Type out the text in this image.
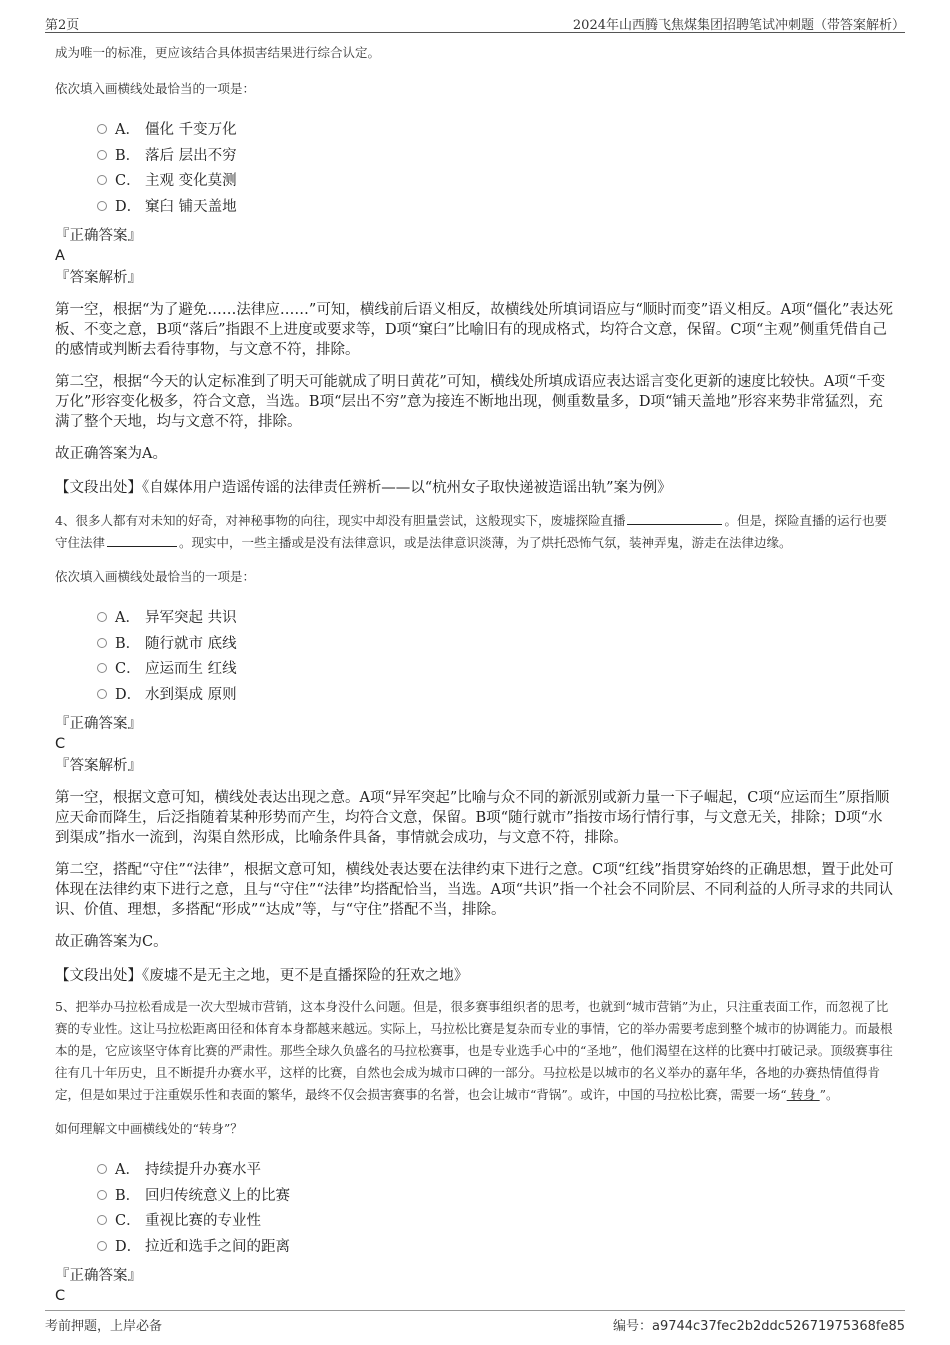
第2页	2024年山西腾飞焦煤集团招聘笔试冲刺题（带答案解析）

成为唯一的标准，更应该结合具体损害结果进行综合认定。

依次填入画横线处最恰当的一项是：

A． 僵化 千变万化
B． 落后 层出不穷
C． 主观 变化莫测
D． 窠臼 铺天盖地

『正确答案』

A

『答案解析』

第一空，根据“为了避免……法律应……”可知，横线前后语义相反，故横线处所填词语应与“顺时而变”语义相反。A项“僵化”表达死板、不变之意，B项“落后”指跟不上进度或要求等，D项“窠臼”比喻旧有的现成格式，均符合文意，保留。C项“主观”侧重凭借自己的感情或判断去看待事物，与文意不符，排除。

第二空，根据“今天的认定标准到了明天可能就成了明日黄花”可知，横线处所填成语应表达谣言变化更新的速度比较快。A项“千变万化”形容变化极多，符合文意，当选。B项“层出不穷”意为接连不断地出现，侧重数量多，D项“铺天盖地”形容来势非常猛烈，充满了整个天地，均与文意不符，排除。

故正确答案为A。

【文段出处】《自媒体用户造谣传谣的法律责任辨析——以“杭州女子取快递被造谣出轨”案为例》

4、很多人都有对未知的好奇，对神秘事物的向往，现实中却没有胆量尝试，这般现实下，废墟探险直播	。但是，探险直播的运行也要守住法律	。现实中，一些主播或是没有法律意识，或是法律意识淡薄，为了烘托恐怖气氛，装神弄鬼，游走在法律边缘。

依次填入画横线处最恰当的一项是：

A． 异军突起 共识
B． 随行就市 底线
C． 应运而生 红线
D． 水到渠成 原则

『正确答案』

C

『答案解析』

第一空，根据文意可知，横线处表达出现之意。A项“异军突起”比喻与众不同的新派别或新力量一下子崛起，C项“应运而生”原指顺应天命而降生，后泛指随着某种形势而产生，均符合文意，保留。B项“随行就市”指按市场行情行事，与文意无关，排除；D项“水到渠成”指水一流到，沟渠自然形成，比喻条件具备，事情就会成功，与文意不符，排除。

第二空，搭配“守住”“法律”，根据文意可知，横线处表达要在法律约束下进行之意。C项“红线”指贯穿始终的正确思想，置于此处可体现在法律约束下进行之意，且与“守住”“法律”均搭配恰当，当选。A项“共识”指一个社会不同阶层、不同利益的人所寻求的共同认识、价值、理想，多搭配“形成”“达成”等，与“守住”搭配不当，排除。

故正确答案为C。

【文段出处】《废墟不是无主之地，更不是直播探险的狂欢之地》

5、把举办马拉松看成是一次大型城市营销，这本身没什么问题。但是，很多赛事组织者的思考，也就到“城市营销”为止，只注重表面工作，而忽视了比赛的专业性。这让马拉松距离田径和体育本身都越来越远。实际上，马拉松比赛是复杂而专业的事情，它的举办需要考虑到整个城市的协调能力。而最根本的是，它应该坚守体育比赛的严肃性。那些全球久负盛名的马拉松赛事，也是专业选手心中的“圣地”，他们渴望在这样的比赛中打破记录。顶级赛事往往有几十年历史，且不断提升办赛水平，这样的比赛，自然也会成为城市口碑的一部分。马拉松是以城市的名义举办的嘉年华，各地的办赛热情值得肯定，但是如果过于注重娱乐性和表面的繁华，最终不仅会损害赛事的名誉，也会让城市“背锅”。或许，中国的马拉松比赛，需要一场“ 转身 ”。

如何理解文中画横线处的“转身”？

A． 持续提升办赛水平
B． 回归传统意义上的比赛
C． 重视比赛的专业性
D． 拉近和选手之间的距离

『正确答案』

C

考前押题，上岸必备	编号：a9744c37fec2b2ddc52671975368fe85
